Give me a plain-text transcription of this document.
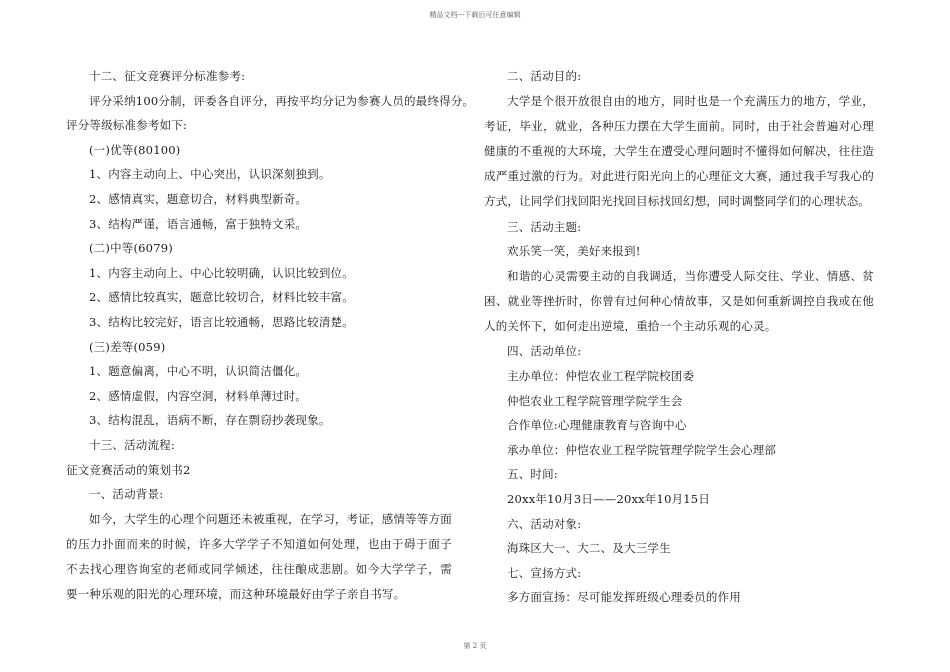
精品文档---下载后可任意编辑
十二、征文竞赛评分标准参考:
评分采纳100分制，评委各自评分，再按平均分记为参赛人员的最终得分。
评分等级标准参考如下:
(一)优等(80100)
1、内容主动向上、中心突出，认识深刻独到。
2、感情真实，题意切合，材料典型新奇。
3、结构严谨，语言通畅，富于独特文采。
(二)中等(6079)
1、内容主动向上、中心比较明确，认识比较到位。
2、感情比较真实，题意比较切合，材料比较丰富。
3、结构比较完好，语言比较通畅，思路比较清楚。
(三)差等(059)
1、题意偏离，中心不明，认识简洁僵化。
2、感情虚假，内容空洞，材料单薄过时。
3、结构混乱，语病不断，存在剽窃抄袭现象。
十三、活动流程:
征文竞赛活动的策划书2
一、活动背景:
如今，大学生的心理个问题还未被重视，在学习，考证，感情等等方面的压力扑面而来的时候，许多大学学子不知道如何处理，也由于碍于面子不去找心理咨询室的老师或同学倾述，往往酿成悲剧。如今大学学子，需要一种乐观的阳光的心理环境，而这种环境最好由学子亲自书写。
二、活动目的:
大学是个很开放很自由的地方，同时也是一个充满压力的地方，学业，考证，毕业，就业，各种压力摆在大学生面前。同时，由于社会普遍对心理健康的不重视的大环境，大学生在遭受心理问题时不懂得如何解决，往往造成严重过激的行为。对此进行阳光向上的心理征文大赛，通过我手写我心的方式，让同学们找回阳光找回目标找回幻想，同时调整同学们的心理状态。
三、活动主题:
欢乐笑一笑，美好来报到!
和谐的心灵需要主动的自我调适，当你遭受人际交往、学业、情感、贫困、就业等挫折时，你曾有过何种心情故事，又是如何重新调控自我或在他人的关怀下，如何走出逆境，重拾一个主动乐观的心灵。
四、活动单位:
主办单位：仲恺农业工程学院校团委
仲恺农业工程学院管理学院学生会
合作单位:心理健康教育与咨询中心
承办单位：仲恺农业工程学院管理学院学生会心理部
五、时间:
20xx年10月3日——20xx年10月15日
六、活动对象:
海珠区大一、大二、及大三学生
七、宣扬方式:
多方面宣扬：尽可能发挥班级心理委员的作用
第 2 页
